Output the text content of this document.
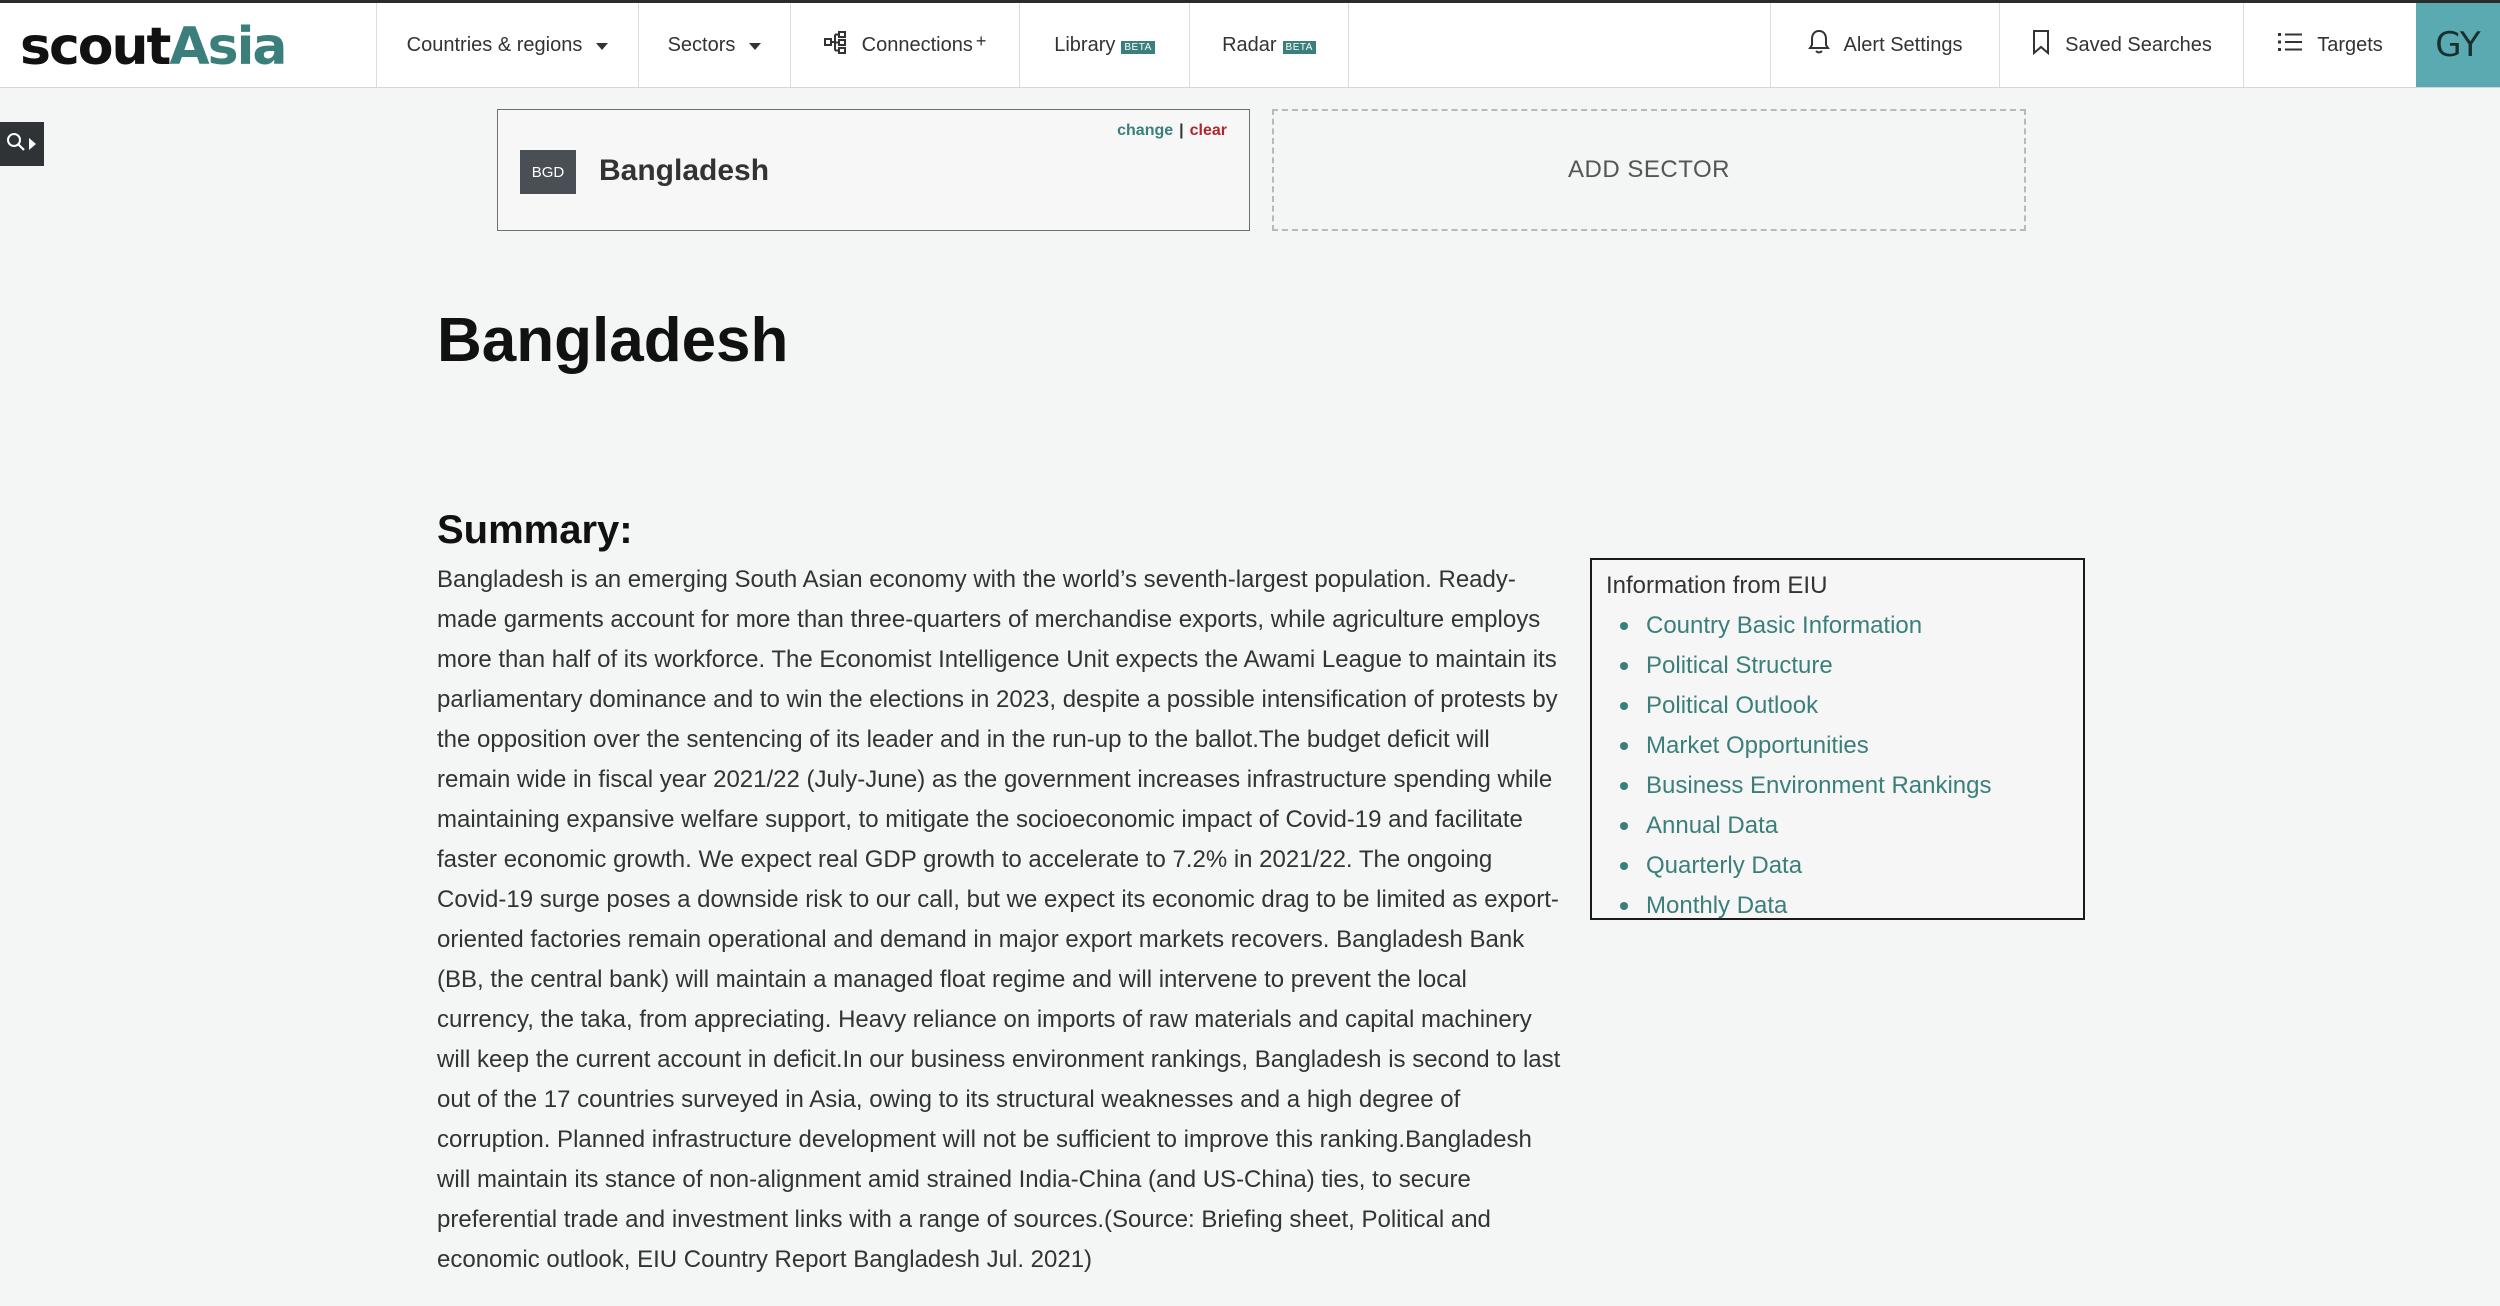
scoutAsia	Countries & regions	Sectors	Connections +	Library BETA	Radar BETA	Alert Settings	Saved Searches	Targets	GY
BGD	Bangladesh
change | clear
ADD SECTOR
Bangladesh
Summary:

Bangladesh is an emerging South Asian economy with the world’s seventh-largest population. Ready-made garments account for more than three-quarters of merchandise exports, while agriculture employs more than half of its workforce. The Economist Intelligence Unit expects the Awami League to maintain its parliamentary dominance and to win the elections in 2023, despite a possible intensification of protests by the opposition over the sentencing of its leader and in the run-up to the ballot.The budget deficit will remain wide in fiscal year 2021/22 (July-June) as the government increases infrastructure spending while maintaining expansive welfare support, to mitigate the socioeconomic impact of Covid-19 and facilitate faster economic growth. We expect real GDP growth to accelerate to 7.2% in 2021/22. The ongoing Covid-19 surge poses a downside risk to our call, but we expect its economic drag to be limited as export-oriented factories remain operational and demand in major export markets recovers. Bangladesh Bank (BB, the central bank) will maintain a managed float regime and will intervene to prevent the local currency, the taka, from appreciating. Heavy reliance on imports of raw materials and capital machinery will keep the current account in deficit.In our business environment rankings, Bangladesh is second to last out of the 17 countries surveyed in Asia, owing to its structural weaknesses and a high degree of corruption. Planned infrastructure development will not be sufficient to improve this ranking.Bangladesh will maintain its stance of non-alignment amid strained India-China (and US-China) ties, to secure preferential trade and investment links with a range of sources.(Source: Briefing sheet, Political and economic outlook, EIU Country Report Bangladesh Jul. 2021)

Information from EIU
Country Basic Information
Political Structure
Political Outlook
Market Opportunities
Business Environment Rankings
Annual Data
Quarterly Data
Monthly Data
